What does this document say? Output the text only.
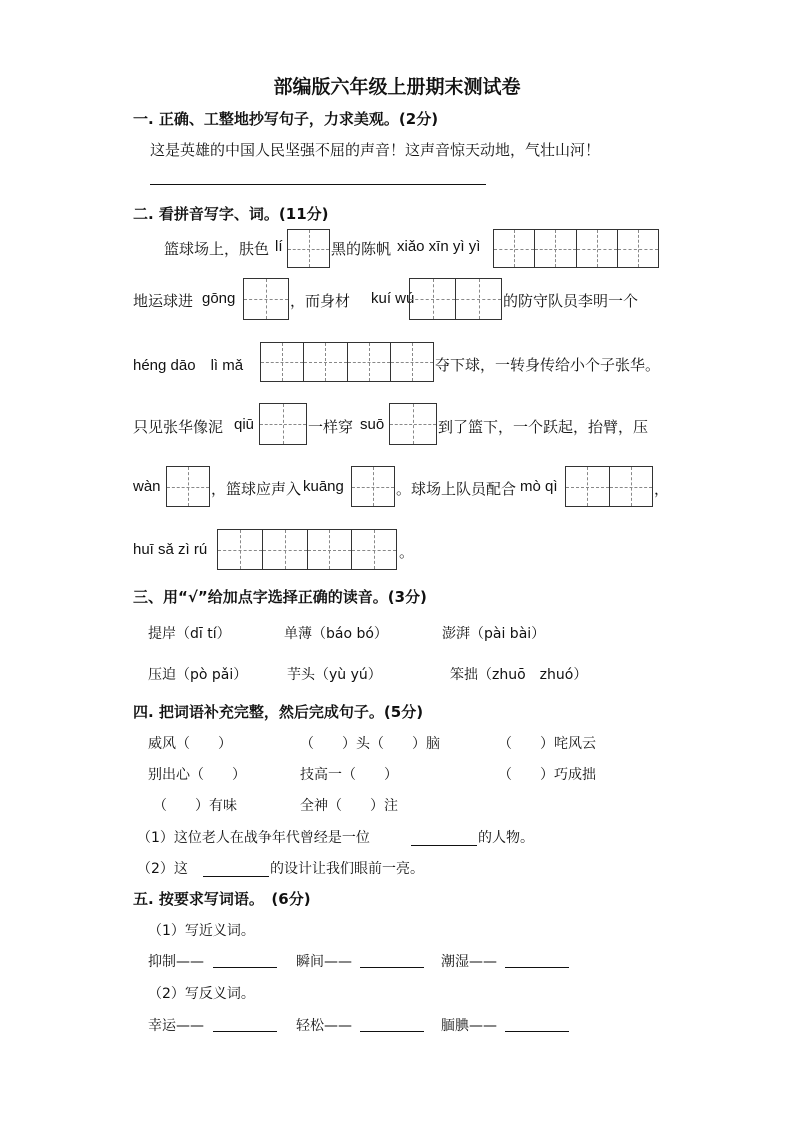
部编版六年级上册期末测试卷
一. 正确、工整地抄写句子，力求美观。(2分)
这是英雄的中国人民坚强不屈的声音！这声音惊天动地，气壮山河！
二. 看拼音写字、词。(11分)
篮球场上，肤色 lí	黑的陈帆 xiǎo xīn yì yì
地运球进 gōng	，而身材 kuí wú	的防守队员李明一个
héng dāo　lì mǎ	夺下球，一转身传给小个子张华。
只见张华像泥 qiū	一样穿 suō	到了篮下，一个跃起，抬臂，压
wàn	，篮球应声入 kuāng	。球场上队员配合 mò qì	，
huī sǎ zì rú	。
三、用“√”给加点字选择正确的读音。(3分)
提岸（dī tí）	单薄（báo bó）	澎湃（pài bài）
压迫（pò pǎi）	芋头（yù yú）	笨拙（zhuō　zhuó）
四. 把词语补充完整，然后完成句子。(5分)
威风（　　）	（　　）头（　　）脑	（　　）咤风云
别出心（　　）	技高一（　　）	（　　）巧成拙
（　　）有味	全神（　　）注
（1）这位老人在战争年代曾经是一位	的人物。
（2）这	的设计让我们眼前一亮。
五. 按要求写词语。　(6分)
（1）写近义词。
抑制——	瞬间——	潮湿——
（2）写反义词。
幸运——	轻松——	腼腆——
